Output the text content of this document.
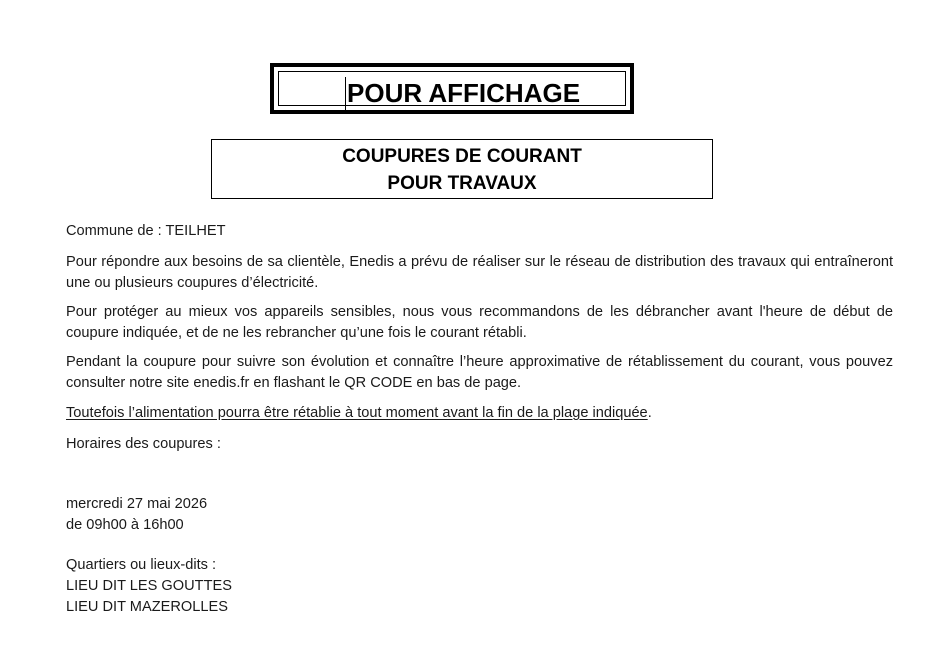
POUR AFFICHAGE
COUPURES DE COURANT
POUR TRAVAUX

Commune de : TEILHET

Pour répondre aux besoins de sa clientèle, Enedis a prévu de réaliser sur le réseau de distribution des travaux qui entraîneront une ou plusieurs coupures d’électricité.

Pour protéger au mieux vos appareils sensibles, nous vous recommandons de les débrancher avant l'heure de début de coupure indiquée, et de ne les rebrancher qu’une fois le courant rétabli.

Pendant la coupure pour suivre son évolution et connaître l’heure approximative de rétablissement du courant, vous pouvez consulter notre site enedis.fr en flashant le QR CODE en bas de page.

Toutefois l’alimentation pourra être rétablie à tout moment avant la fin de la plage indiquée.

Horaires des coupures :

mercredi 27 mai 2026

de 09h00 à 16h00

Quartiers ou lieux-dits :

LIEU DIT LES GOUTTES

LIEU DIT MAZEROLLES
